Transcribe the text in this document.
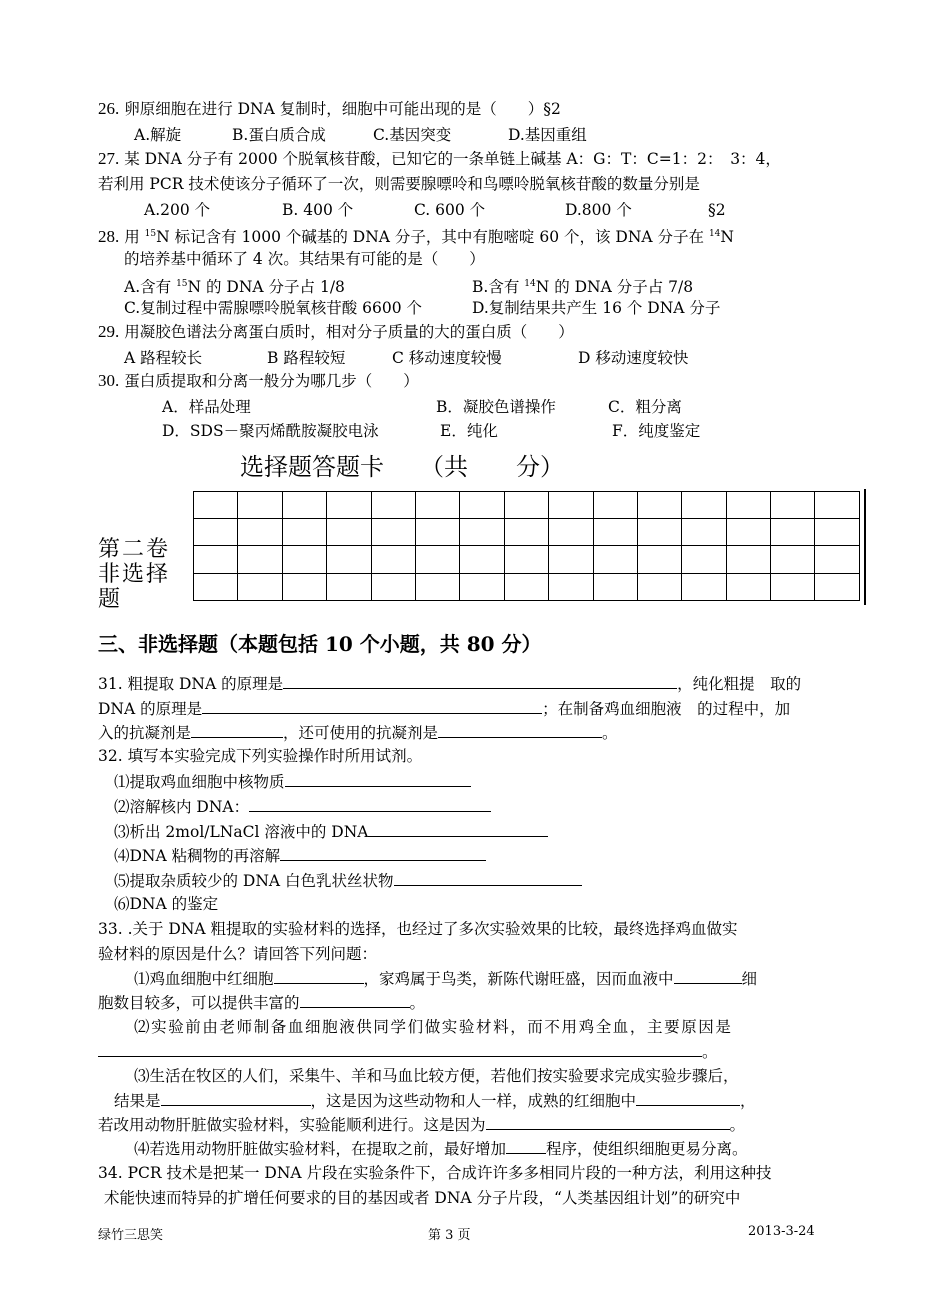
26. 卵原细胞在进行 DNA 复制时，细胞中可能出现的是（　　）§2
A.解旋	B.蛋白质合成	C.基因突变	D.基因重组
27. 某 DNA 分子有 2000 个脱氧核苷酸，已知它的一条单链上碱基 A：G：T：C=1：2：　3：4，
若利用 PCR 技术使该分子循环了一次，则需要腺嘌呤和鸟嘌呤脱氧核苷酸的数量分别是
A.200 个	B. 400 个	C. 600 个	D.800 个	§2
28. 用 $^{15}$N 标记含有 1000 个碱基的 DNA 分子，其中有胞嘧啶 60 个，该 DNA 分子在 $^{14}$N
的培养基中循环了 4 次。其结果有可能的是（　　）
A.含有 $^{15}$N 的 DNA 分子占 1/8	B.含有 $^{14}$N 的 DNA 分子占 7/8
C.复制过程中需腺嘌呤脱氧核苷酸 6600 个	D.复制结果共产生 16 个 DNA 分子
29. 用凝胶色谱法分离蛋白质时，相对分子质量的大的蛋白质（　　）
A 路程较长	B 路程较短	C 移动速度较慢	D 移动速度较快
30. 蛋白质提取和分离一般分为哪几步（　　）
A．样品处理	B．凝胶色谱操作	C．粗分离
D．SDS－聚丙烯酰胺凝胶电泳	E．纯化	F．纯度鉴定
选择题答题卡 （共　　分）

第二卷
非选择
题
三、非选择题（本题包括 10 个小题，共 80 分）
31. 粗提取 DNA 的原理是	，纯化粗提　取的
DNA 的原理是	；在制备鸡血细胞液　的过程中，加
入的抗凝剂是	，还可使用的抗凝剂是	。
32. 填写本实验完成下列实验操作时所用试剂。
⑴提取鸡血细胞中核物质
⑵溶解核内 DNA：
⑶析出 2mol/LNaCl 溶液中的 DNA
⑷DNA 粘稠物的再溶解
⑸提取杂质较少的 DNA 白色乳状丝状物
⑹DNA 的鉴定
33. .关于 DNA 粗提取的实验材料的选择，也经过了多次实验效果的比较，最终选择鸡血做实
验材料的原因是什么？请回答下列问题：
⑴鸡血细胞中红细胞	，家鸡属于鸟类，新陈代谢旺盛，因而血液中	细
胞数目较多，可以提供丰富的	。
⑵实验前由老师制备血细胞液供同学们做实验材料，而不用鸡全血，主要原因是
。
⑶生活在牧区的人们，采集牛、羊和马血比较方便，若他们按实验要求完成实验步骤后，
结果是	，这是因为这些动物和人一样，成熟的红细胞中	，
若改用动物肝脏做实验材料，实验能顺利进行。这是因为	。
⑷若选用动物肝脏做实验材料，在提取之前，最好增加	程序，使组织细胞更易分离。
34. PCR 技术是把某一 DNA 片段在实验条件下，合成许许多多相同片段的一种方法，利用这种技
术能快速而特异的扩增任何要求的目的基因或者 DNA 分子片段，“人类基因组计划”的研究中
绿竹三思笑	第 3 页	2013-3-24
